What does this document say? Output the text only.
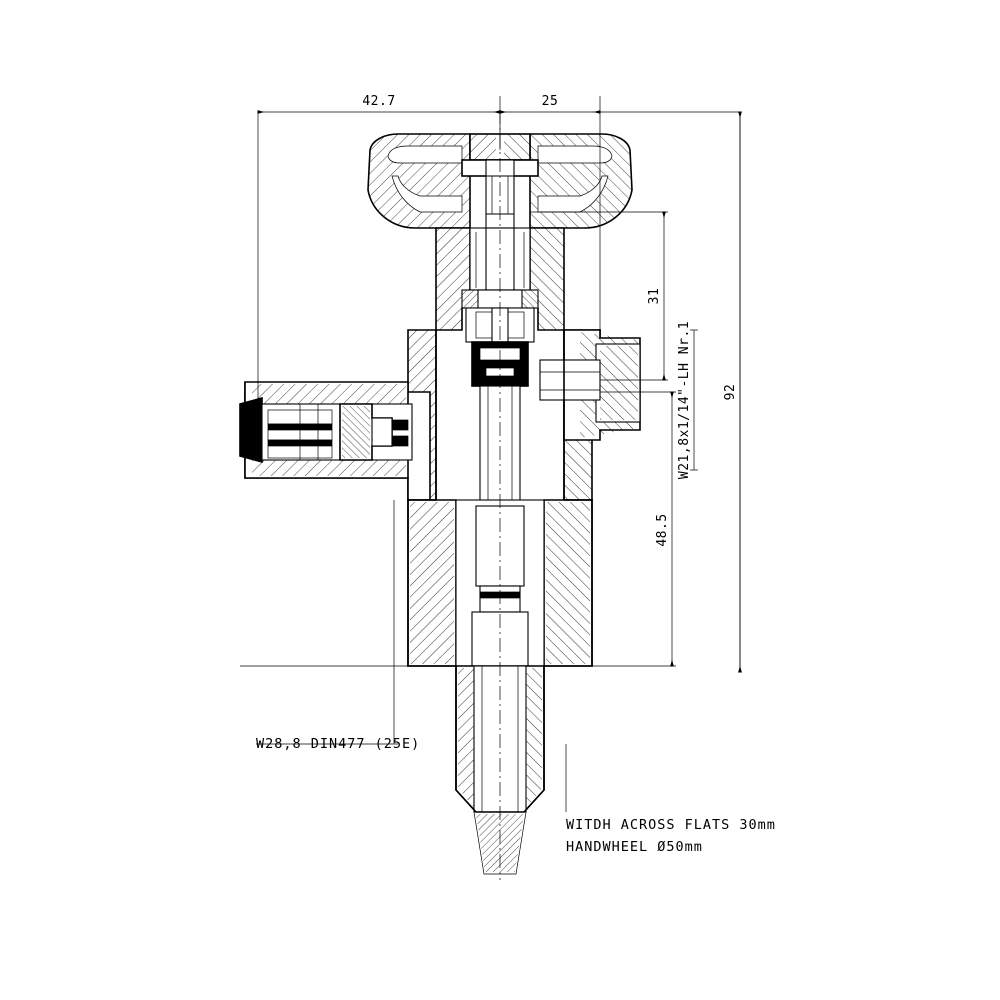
42.7	25
92
31
48.5
W21,8x1/14"-LH Nr.1
W28,8 DIN477 (25E)
WITDH ACROSS FLATS 30mm
HANDWHEEL Ø50mm
